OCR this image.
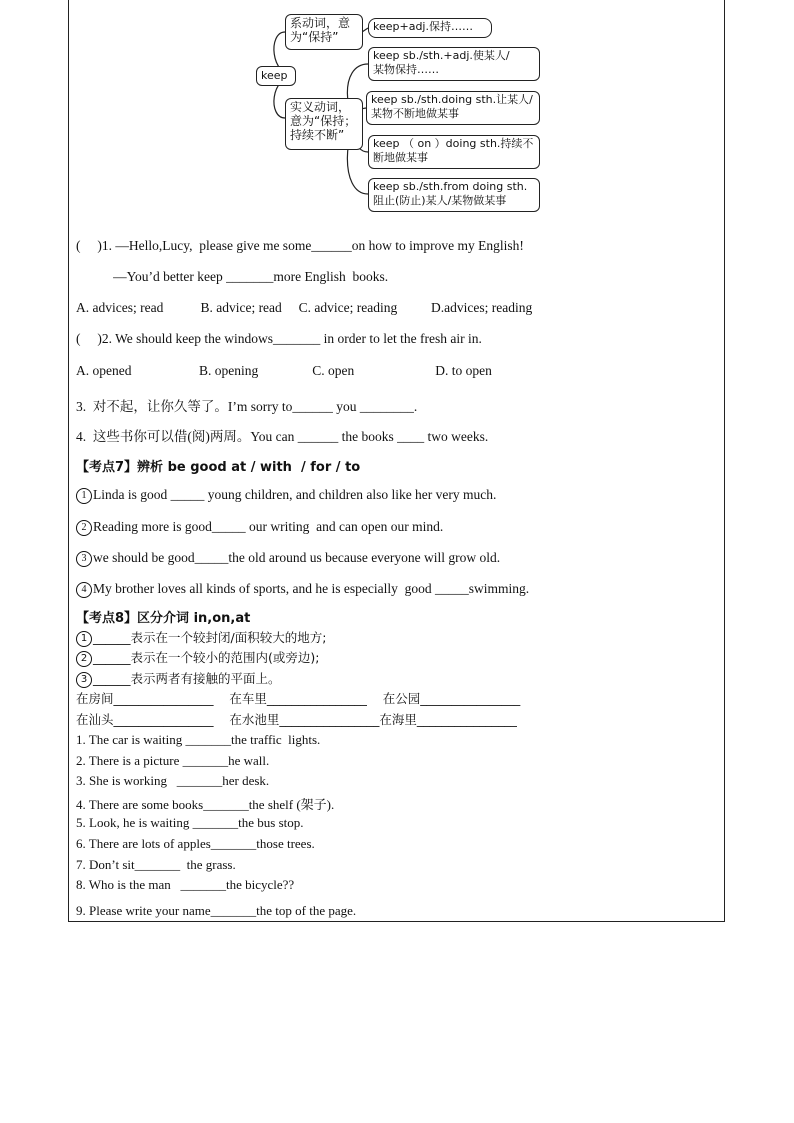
keep
系动词，意
为“保持”
keep+adj.保持……
实义动词，
意为“保持；
持续不断”
keep sb./sth.+adj.使某人/
某物保持……
keep sb./sth.doing sth.让某人/
某物不断地做某事
keep （ on ）doing sth.持续不
断地做某事
keep sb./sth.from doing sth.
阻止(防止)某人/某物做某事
(     )1. —Hello,Lucy,  please give me some______on how to improve my English!
—You’d better keep _______more English  books.
A. advices; read           B. advice; read     C. advice; reading          D.advices; reading
(     )2. We should keep the windows_______ in order to let the fresh air in.
A. opened                    B. opening                C. open                        D. to open
3.  对不起，让你久等了。I’m sorry to______ you ________.
4.  这些书你可以借(阅)两周。You can ______ the books ____ two weeks.
【考点7】辨析 be good at / with  / for / to
1 Linda is good _____ young children, and children also like her very much.
2 Reading more is good_____ our writing  and can open our mind.
3 we should be good_____the old around us because everyone will grow old.
4 My brother loves all kinds of sports, and he is especially  good _____swimming.
【考点8】区分介词 in,on,at
1 ______表示在一个较封闭/面积较大的地方;
2 ______表示在一个较小的范围内(或旁边);
3 ______表示两者有接触的平面上。
在房间________________    在车里________________    在公园________________
在汕头________________    在水池里________________在海里________________
1. The car is waiting _______the traffic  lights.
2. There is a picture _______he wall.
3. She is working   _______her desk.
4. There are some books_______the shelf (架子).
5. Look, he is waiting _______the bus stop.
6. There are lots of apples_______those trees.
7. Don’t sit_______  the grass.
8. Who is the man   _______the bicycle??
9. Please write your name_______the top of the page.
